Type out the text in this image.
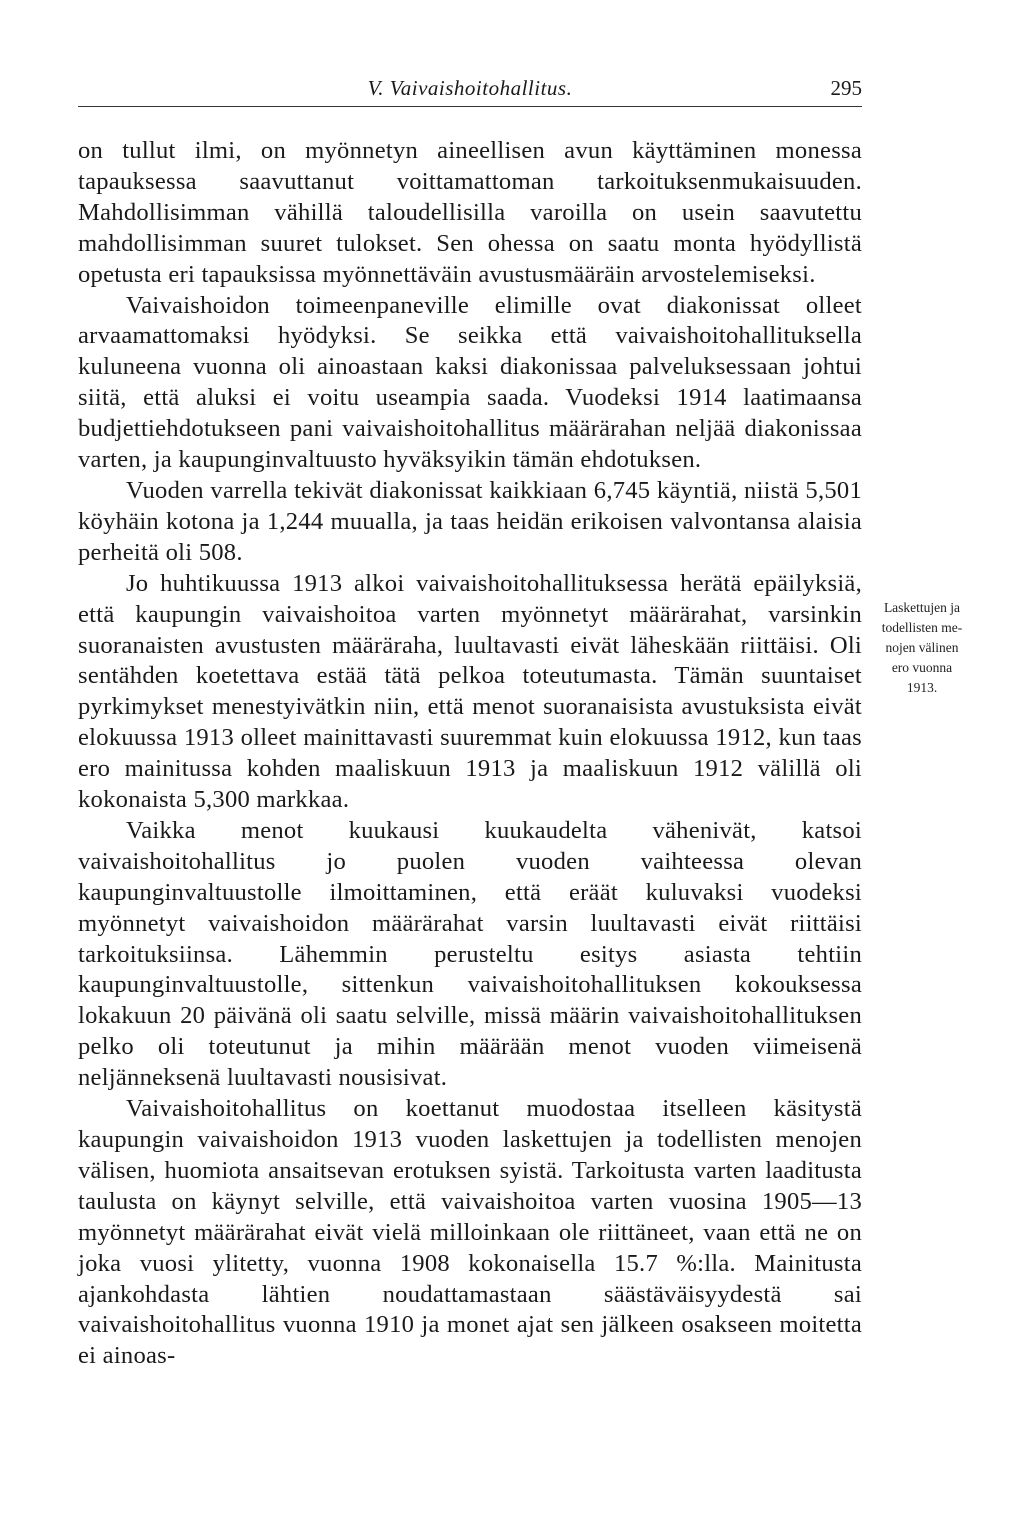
V. Vaivaishoitohallitus.	295

on tullut ilmi, on myönnetyn aineellisen avun käyttäminen monessa tapauksessa saavuttanut voittamattoman tarkoituksenmukaisuuden. Mahdollisimman vähillä taloudellisilla varoilla on usein saavutettu mahdollisimman suuret tulokset. Sen ohessa on saatu monta hyödyllistä opetusta eri tapauksissa myönnettäväin avustusmääräin arvostelemiseksi.

Vaivaishoidon toimeenpaneville elimille ovat diakonissat olleet arvaamattomaksi hyödyksi. Se seikka että vaivaishoitohallituksella kuluneena vuonna oli ainoastaan kaksi diakonissaa palveluksessaan johtui siitä, että aluksi ei voitu useampia saada. Vuodeksi 1914 laatimaansa budjettiehdotukseen pani vaivaishoitohallitus määrärahan neljää diakonissaa varten, ja kaupunginvaltuusto hyväksyikin tämän ehdotuksen.

Vuoden varrella tekivät diakonissat kaikkiaan 6,745 käyntiä, niistä 5,501 köyhäin kotona ja 1,244 muualla, ja taas heidän erikoisen valvontansa alaisia perheitä oli 508.

Jo huhtikuussa 1913 alkoi vaivaishoitohallituksessa herätä epäilyksiä, että kaupungin vaivaishoitoa varten myönnetyt määrärahat, varsinkin suoranaisten avustusten määräraha, luultavasti eivät läheskään riittäisi. Oli sentähden koetettava estää tätä pelkoa toteutumasta. Tämän suuntaiset pyrkimykset menestyivätkin niin, että menot suoranaisista avustuksista eivät elokuussa 1913 olleet mainittavasti suuremmat kuin elokuussa 1912, kun taas ero mainitussa kohden maaliskuun 1913 ja maaliskuun 1912 välillä oli kokonaista 5,300 markkaa.

Vaikka menot kuukausi kuukaudelta vähenivät, katsoi vaivaishoitohallitus jo puolen vuoden vaihteessa olevan kaupunginvaltuustolle ilmoittaminen, että eräät kuluvaksi vuodeksi myönnetyt vaivaishoidon määrärahat varsin luultavasti eivät riittäisi tarkoituksiinsa. Lähemmin perusteltu esitys asiasta tehtiin kaupunginvaltuustolle, sittenkun vaivaishoitohallituksen kokouksessa lokakuun 20 päivänä oli saatu selville, missä määrin vaivaishoitohallituksen pelko oli toteutunut ja mihin määrään menot vuoden viimeisenä neljänneksenä luultavasti nousisivat.

Vaivaishoitohallitus on koettanut muodostaa itselleen käsitystä kaupungin vaivaishoidon 1913 vuoden laskettujen ja todellisten menojen välisen, huomiota ansaitsevan erotuksen syistä. Tarkoitusta varten laaditusta taulusta on käynyt selville, että vaivaishoitoa varten vuosina 1905—13 myönnetyt määrärahat eivät vielä milloinkaan ole riittäneet, vaan että ne on joka vuosi ylitetty, vuonna 1908 kokonaisella 15.7 %:lla. Mainitusta ajankohdasta lähtien noudattamastaan säästäväisyydestä sai vaivaishoitohallitus vuonna 1910 ja monet ajat sen jälkeen osakseen moitetta ei ainoas-

Laskettujen ja
todellisten me-
nojen välinen
ero vuonna
1913.
